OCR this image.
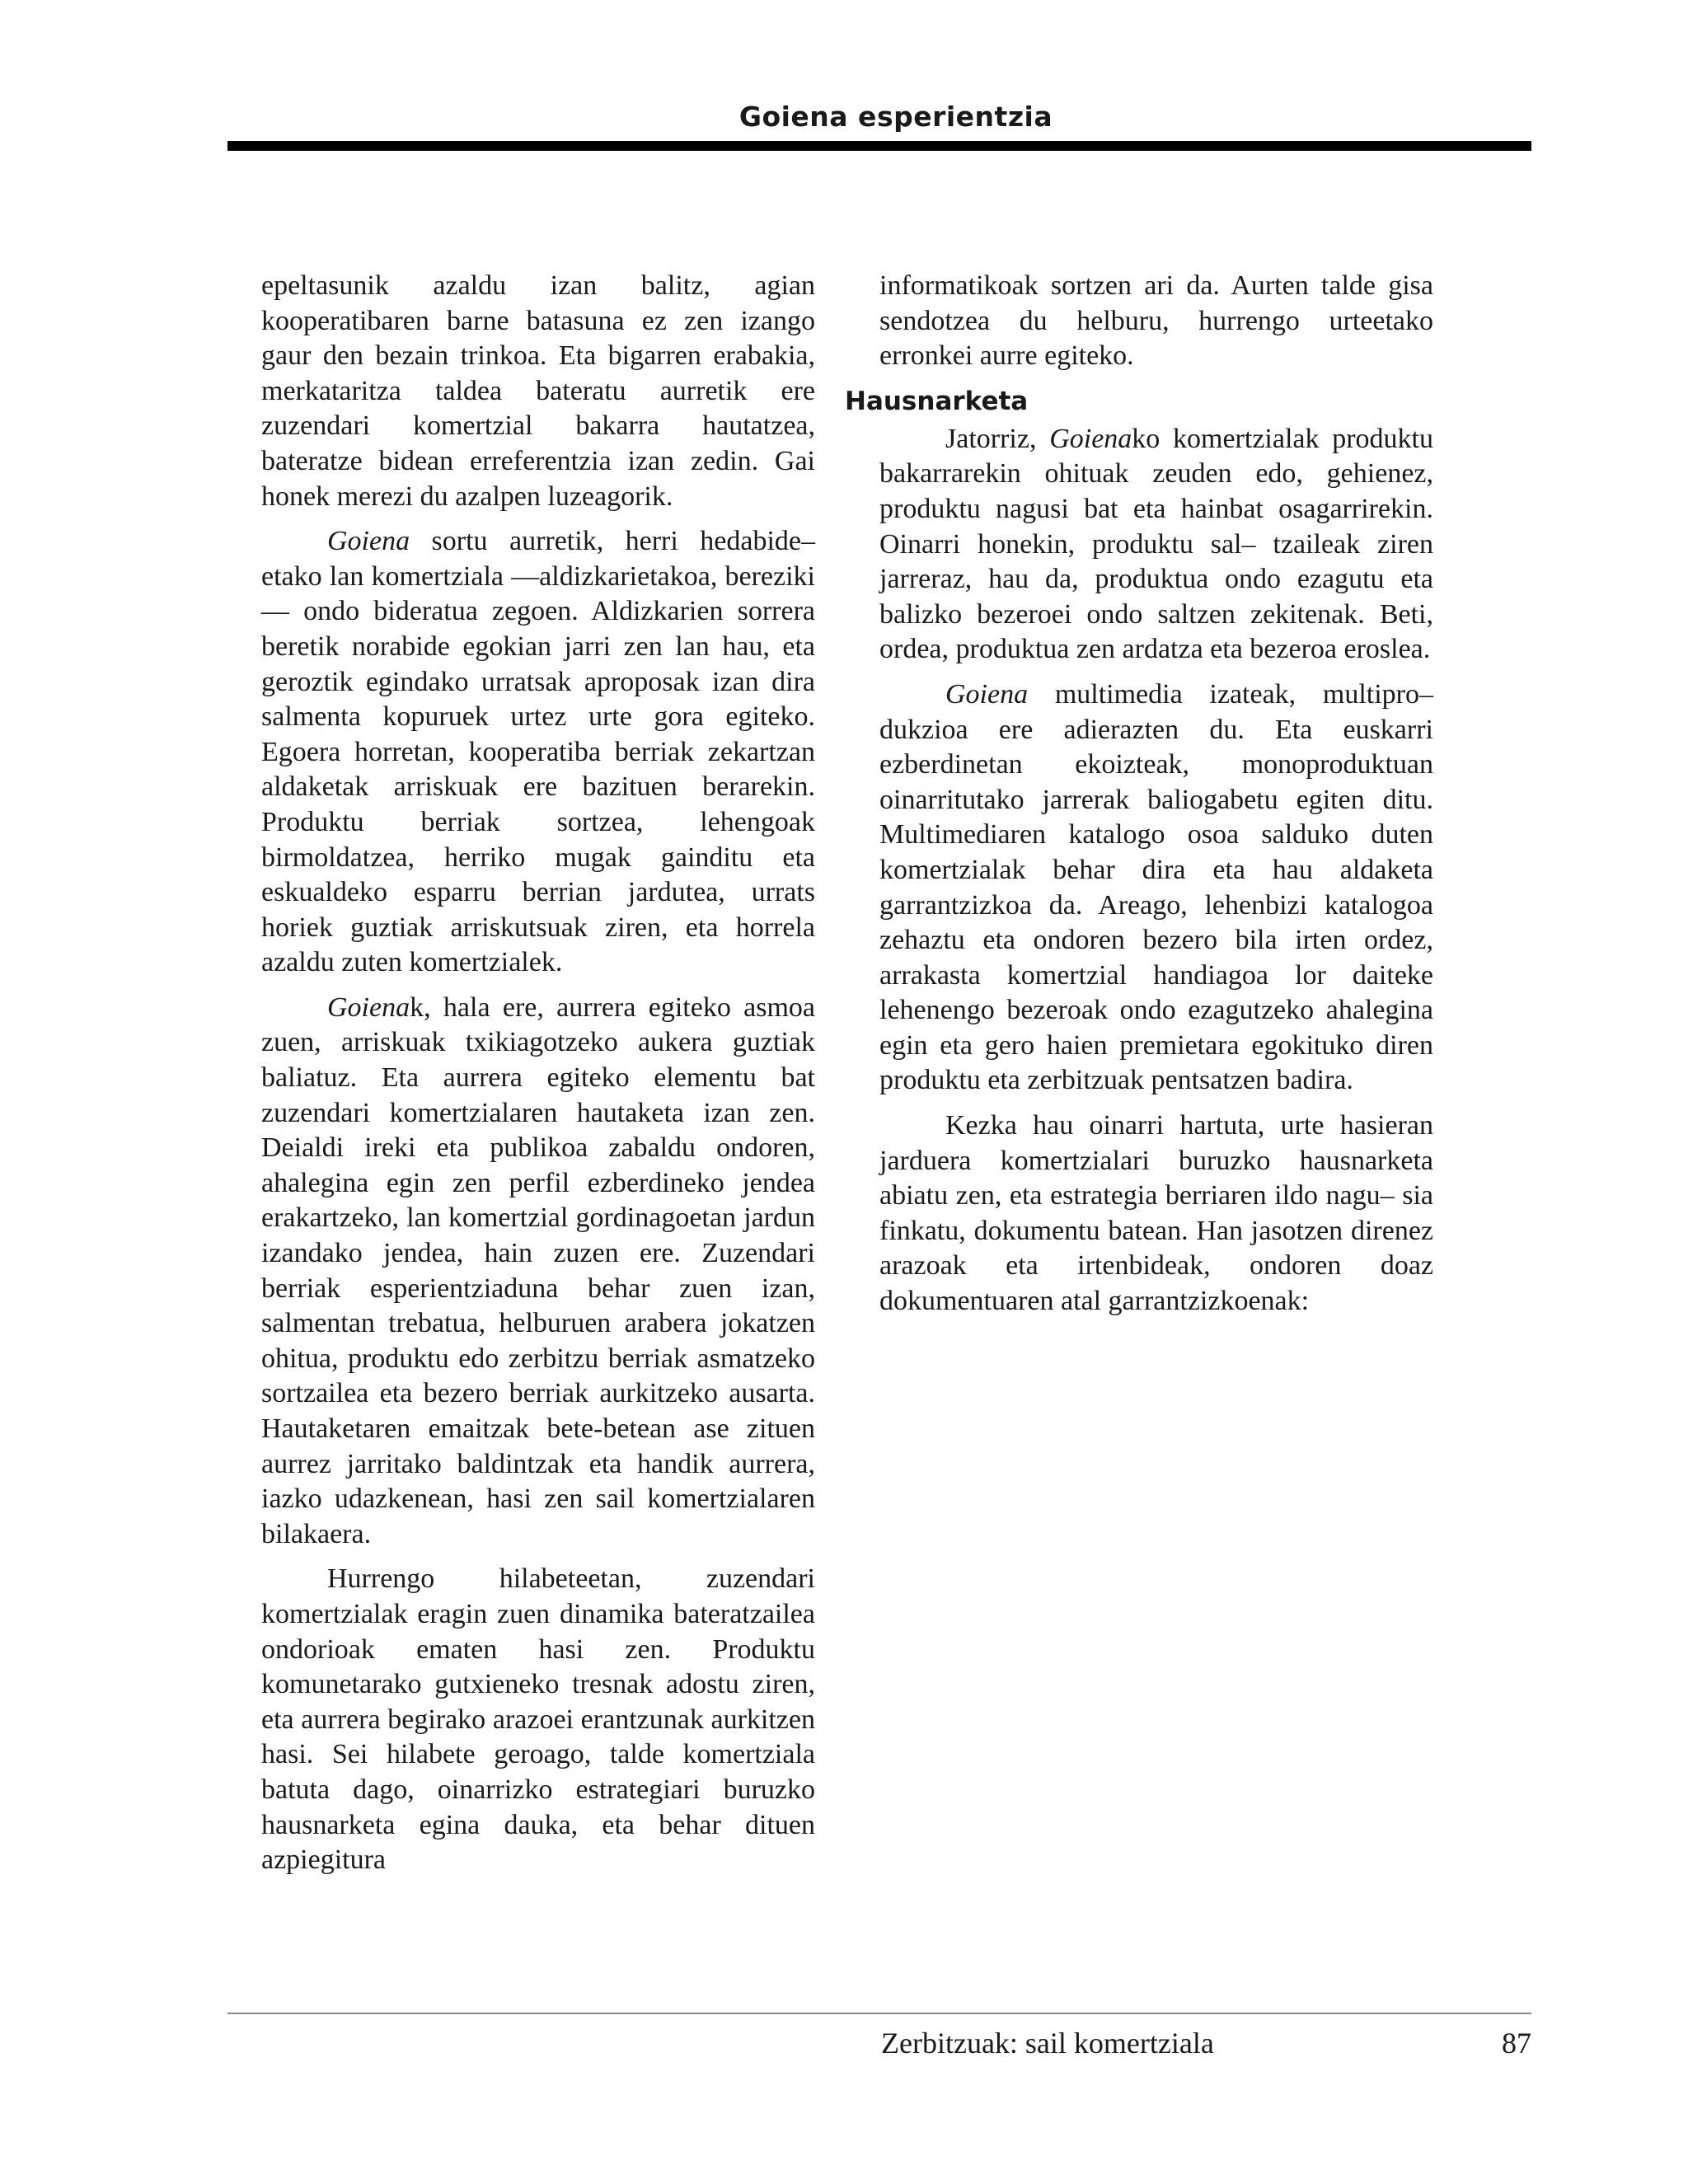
Goiena esperientzia

epeltasunik azaldu izan balitz, agian kooperatibaren barne batasuna ez zen izango gaur den bezain trinkoa. Eta bigarren erabakia, merkataritza taldea bateratu aurretik ere zuzendari komertzial bakarra hautatzea, bateratze bidean erreferentzia izan zedin. Gai honek merezi du azalpen luzeagorik.

Goiena sortu aurretik, herri hedabide– etako lan komertziala —aldizkarietakoa, bereziki— ondo bideratua zegoen. Aldizkarien sorrera beretik norabide egokian jarri zen lan hau, eta geroztik egindako urratsak aproposak izan dira salmenta kopuruek urtez urte gora egiteko. Egoera horretan, kooperatiba berriak zekartzan aldaketak arriskuak ere bazituen berarekin. Produktu berriak sortzea, lehengoak birmoldatzea, herriko mugak gainditu eta eskualdeko esparru berrian jardutea, urrats horiek guztiak arriskutsuak ziren, eta horrela azaldu zuten komertzialek.

Goienak, hala ere, aurrera egiteko asmoa zuen, arriskuak txikiagotzeko aukera guztiak baliatuz. Eta aurrera egiteko elementu bat zuzendari komertzialaren hautaketa izan zen. Deialdi ireki eta publikoa zabaldu ondoren, ahalegina egin zen perfil ezberdineko jendea erakartzeko, lan komertzial gordinagoetan jardun izandako jendea, hain zuzen ere. Zuzendari berriak esperientziaduna behar zuen izan, salmentan trebatua, helburuen arabera jokatzen ohitua, produktu edo zerbitzu berriak asmatzeko sortzailea eta bezero berriak aurkitzeko ausarta. Hautaketaren emaitzak bete-betean ase zituen aurrez jarritako baldintzak eta handik aurrera, iazko udazkenean, hasi zen sail komertzialaren bilakaera.

Hurrengo hilabeteetan, zuzendari komertzialak eragin zuen dinamika bateratzailea ondorioak ematen hasi zen. Produktu komunetarako gutxieneko tresnak adostu ziren, eta aurrera begirako arazoei erantzunak aurkitzen hasi. Sei hilabete geroago, talde komertziala batuta dago, oinarrizko estrategiari buruzko hausnarketa egina dauka, eta behar dituen azpiegitura

informatikoak sortzen ari da. Aurten talde gisa sendotzea du helburu, hurrengo urteetako erronkei aurre egiteko.

Hausnarketa

Jatorriz, Goienako komertzialak produktu bakarrarekin ohituak zeuden edo, gehienez, produktu nagusi bat eta hainbat osagarrirekin. Oinarri honekin, produktu sal– tzaileak ziren jarreraz, hau da, produktua ondo ezagutu eta balizko bezeroei ondo saltzen zekitenak. Beti, ordea, produktua zen ardatza eta bezeroa eroslea.

Goiena multimedia izateak, multipro– dukzioa ere adierazten du. Eta euskarri ezberdinetan ekoizteak, monoproduktuan oinarritutako jarrerak baliogabetu egiten ditu. Multimediaren katalogo osoa salduko duten komertzialak behar dira eta hau aldaketa garrantzizkoa da. Areago, lehenbizi katalogoa zehaztu eta ondoren bezero bila irten ordez, arrakasta komertzial handiagoa lor daiteke lehenengo bezeroak ondo ezagutzeko ahalegina egin eta gero haien premietara egokituko diren produktu eta zerbitzuak pentsatzen badira.

Kezka hau oinarri hartuta, urte hasieran jarduera komertzialari buruzko hausnarketa abiatu zen, eta estrategia berriaren ildo nagu– sia finkatu, dokumentu batean. Han jasotzen direnez arazoak eta irtenbideak, ondoren doaz dokumentuaren atal garrantzizkoenak:

Zerbitzuak: sail komertziala	87
